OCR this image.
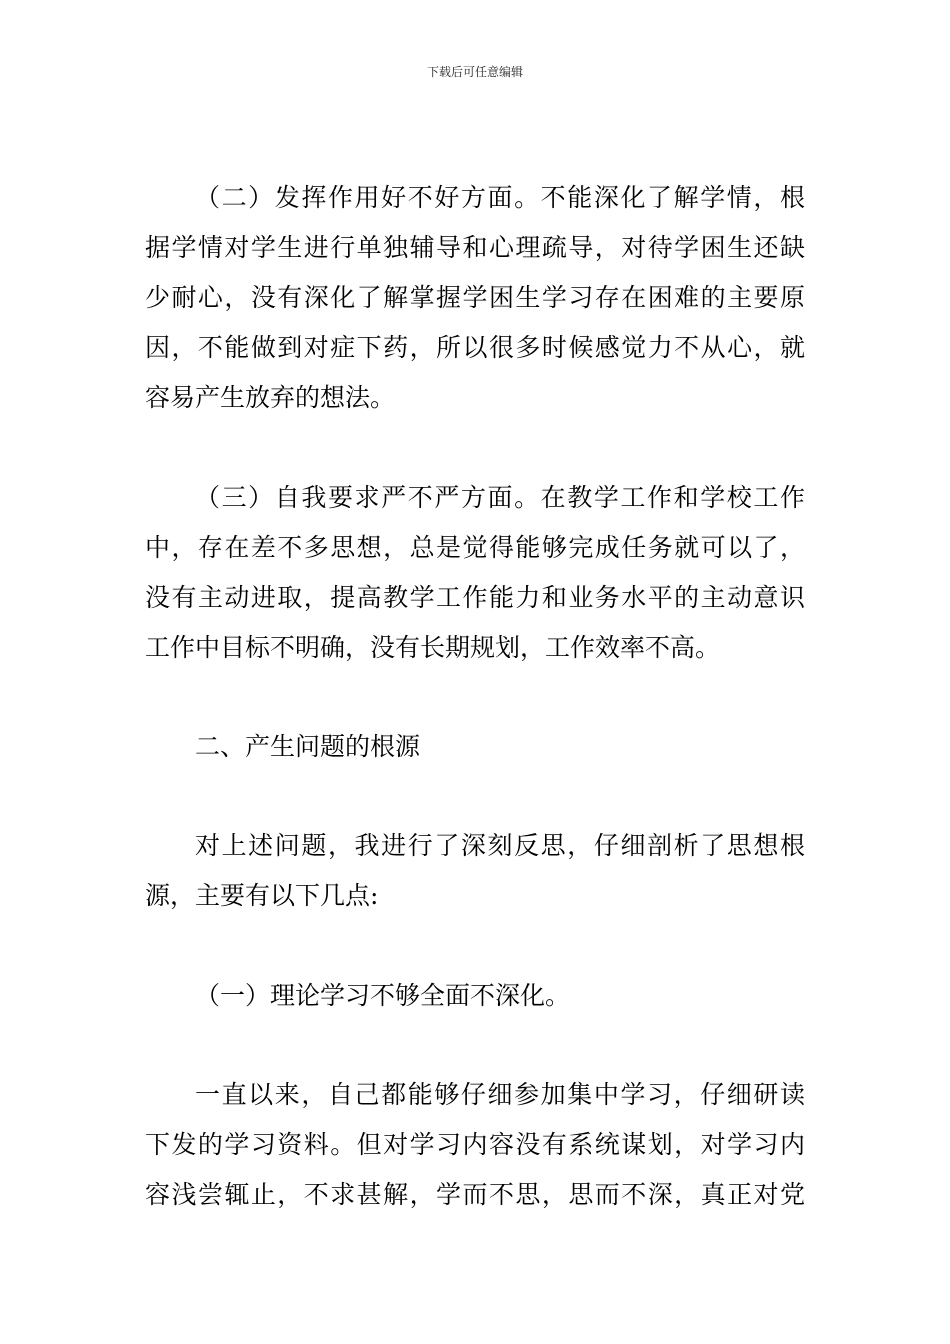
下载后可任意编辑
（二）发挥作用好不好方面。不能深化了解学情，根
据学情对学生进行单独辅导和心理疏导，对待学困生还缺
少耐心，没有深化了解掌握学困生学习存在困难的主要原
因，不能做到对症下药，所以很多时候感觉力不从心，就
容易产生放弃的想法。
（三）自我要求严不严方面。在教学工作和学校工作
中，存在差不多思想，总是觉得能够完成任务就可以了，
没有主动进取，提高教学工作能力和业务水平的主动意识
工作中目标不明确，没有长期规划，工作效率不高。
二、产生问题的根源
对上述问题，我进行了深刻反思，仔细剖析了思想根
源，主要有以下几点:
（一）理论学习不够全面不深化。
一直以来，自己都能够仔细参加集中学习，仔细研读
下发的学习资料。但对学习内容没有系统谋划，对学习内
容浅尝辄止，不求甚解，学而不思，思而不深，真正对党
